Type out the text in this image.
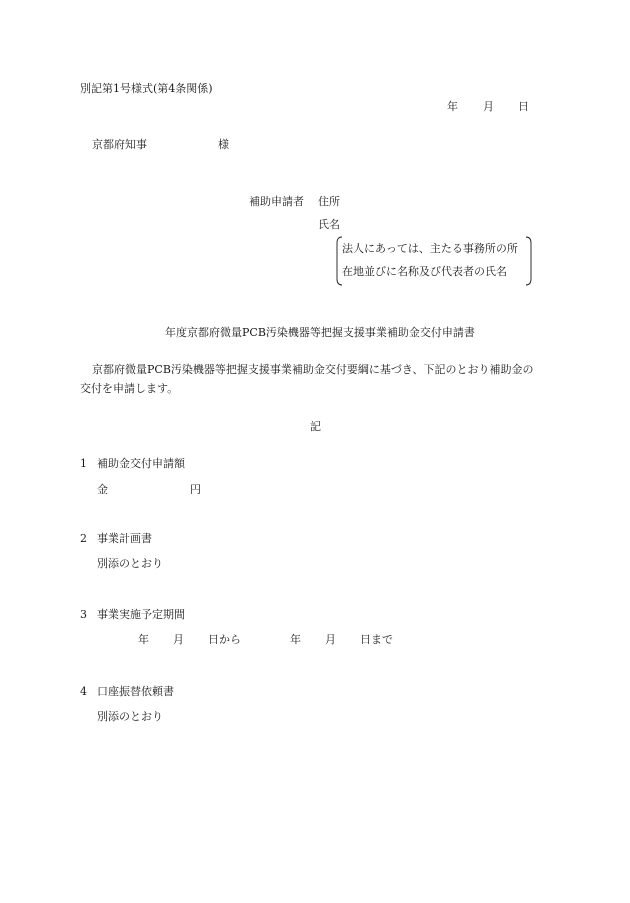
別記第1号様式(第4条関係)
年 月 日
京都府知事	様
補助申請者 住所
氏名
法人にあっては、主たる事務所の所
在地並びに名称及び代表者の氏名
年度京都府微量PCB汚染機器等把握支援事業補助金交付申請書
京都府微量PCB汚染機器等把握支援事業補助金交付要綱に基づき、下記のとおり補助金の
交付を申請します。
記
1 補助金交付申請額
金	円
2 事業計画書
別添のとおり
3 事業実施予定期間
年 月 日から	年 月 日まで
4 口座振替依頼書
別添のとおり
